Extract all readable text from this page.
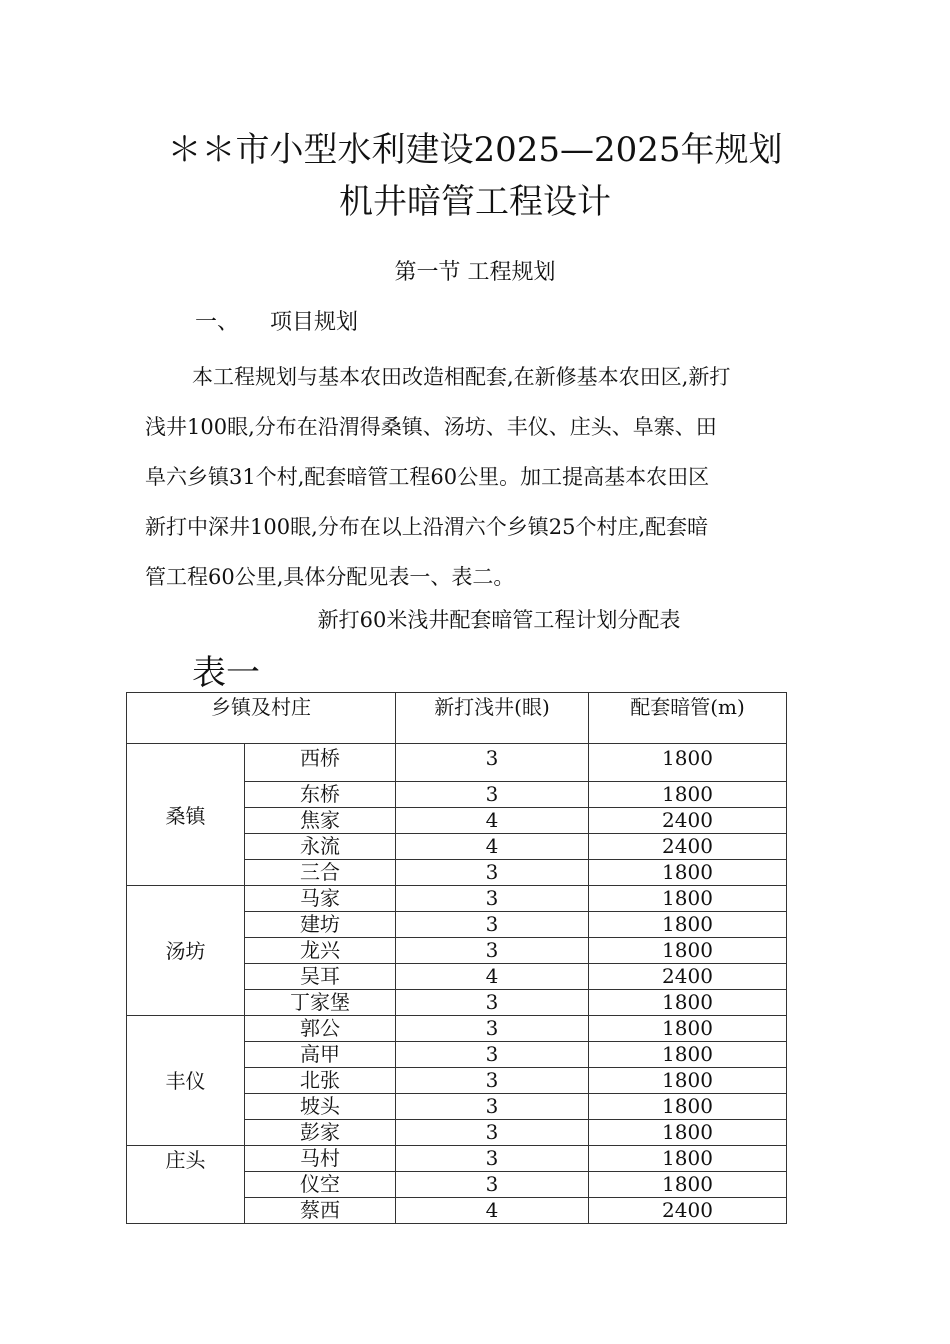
＊＊市小型水利建设2025—2025年规划
机井暗管工程设计
第一节 工程规划
一、 项目规划
本工程规划与基本农田改造相配套,在新修基本农田区,新打
浅井100眼,分布在沿渭得桑镇、汤坊、丰仪、庄头、阜寨、田
阜六乡镇31个村,配套暗管工程60公里。加工提高基本农田区
新打中深井100眼,分布在以上沿渭六个乡镇25个村庄,配套暗
管工程60公里,具体分配见表一、表二。
新打60米浅井配套暗管工程计划分配表
表一
乡镇及村庄		新打浅井(眼)	配套暗管(m)
桑镇	西桥	3	1800
	东桥	3	1800
	焦家	4	2400
	永流	4	2400
	三合	3	1800
汤坊	马家	3	1800
	建坊	3	1800
	龙兴	3	1800
	吴耳	4	2400
	丁家堡	3	1800
丰仪	郭公	3	1800
	高甲	3	1800
	北张	3	1800
	坡头	3	1800
	彭家	3	1800
庄头	马村	3	1800
	仪空	3	1800
	蔡西	4	2400
